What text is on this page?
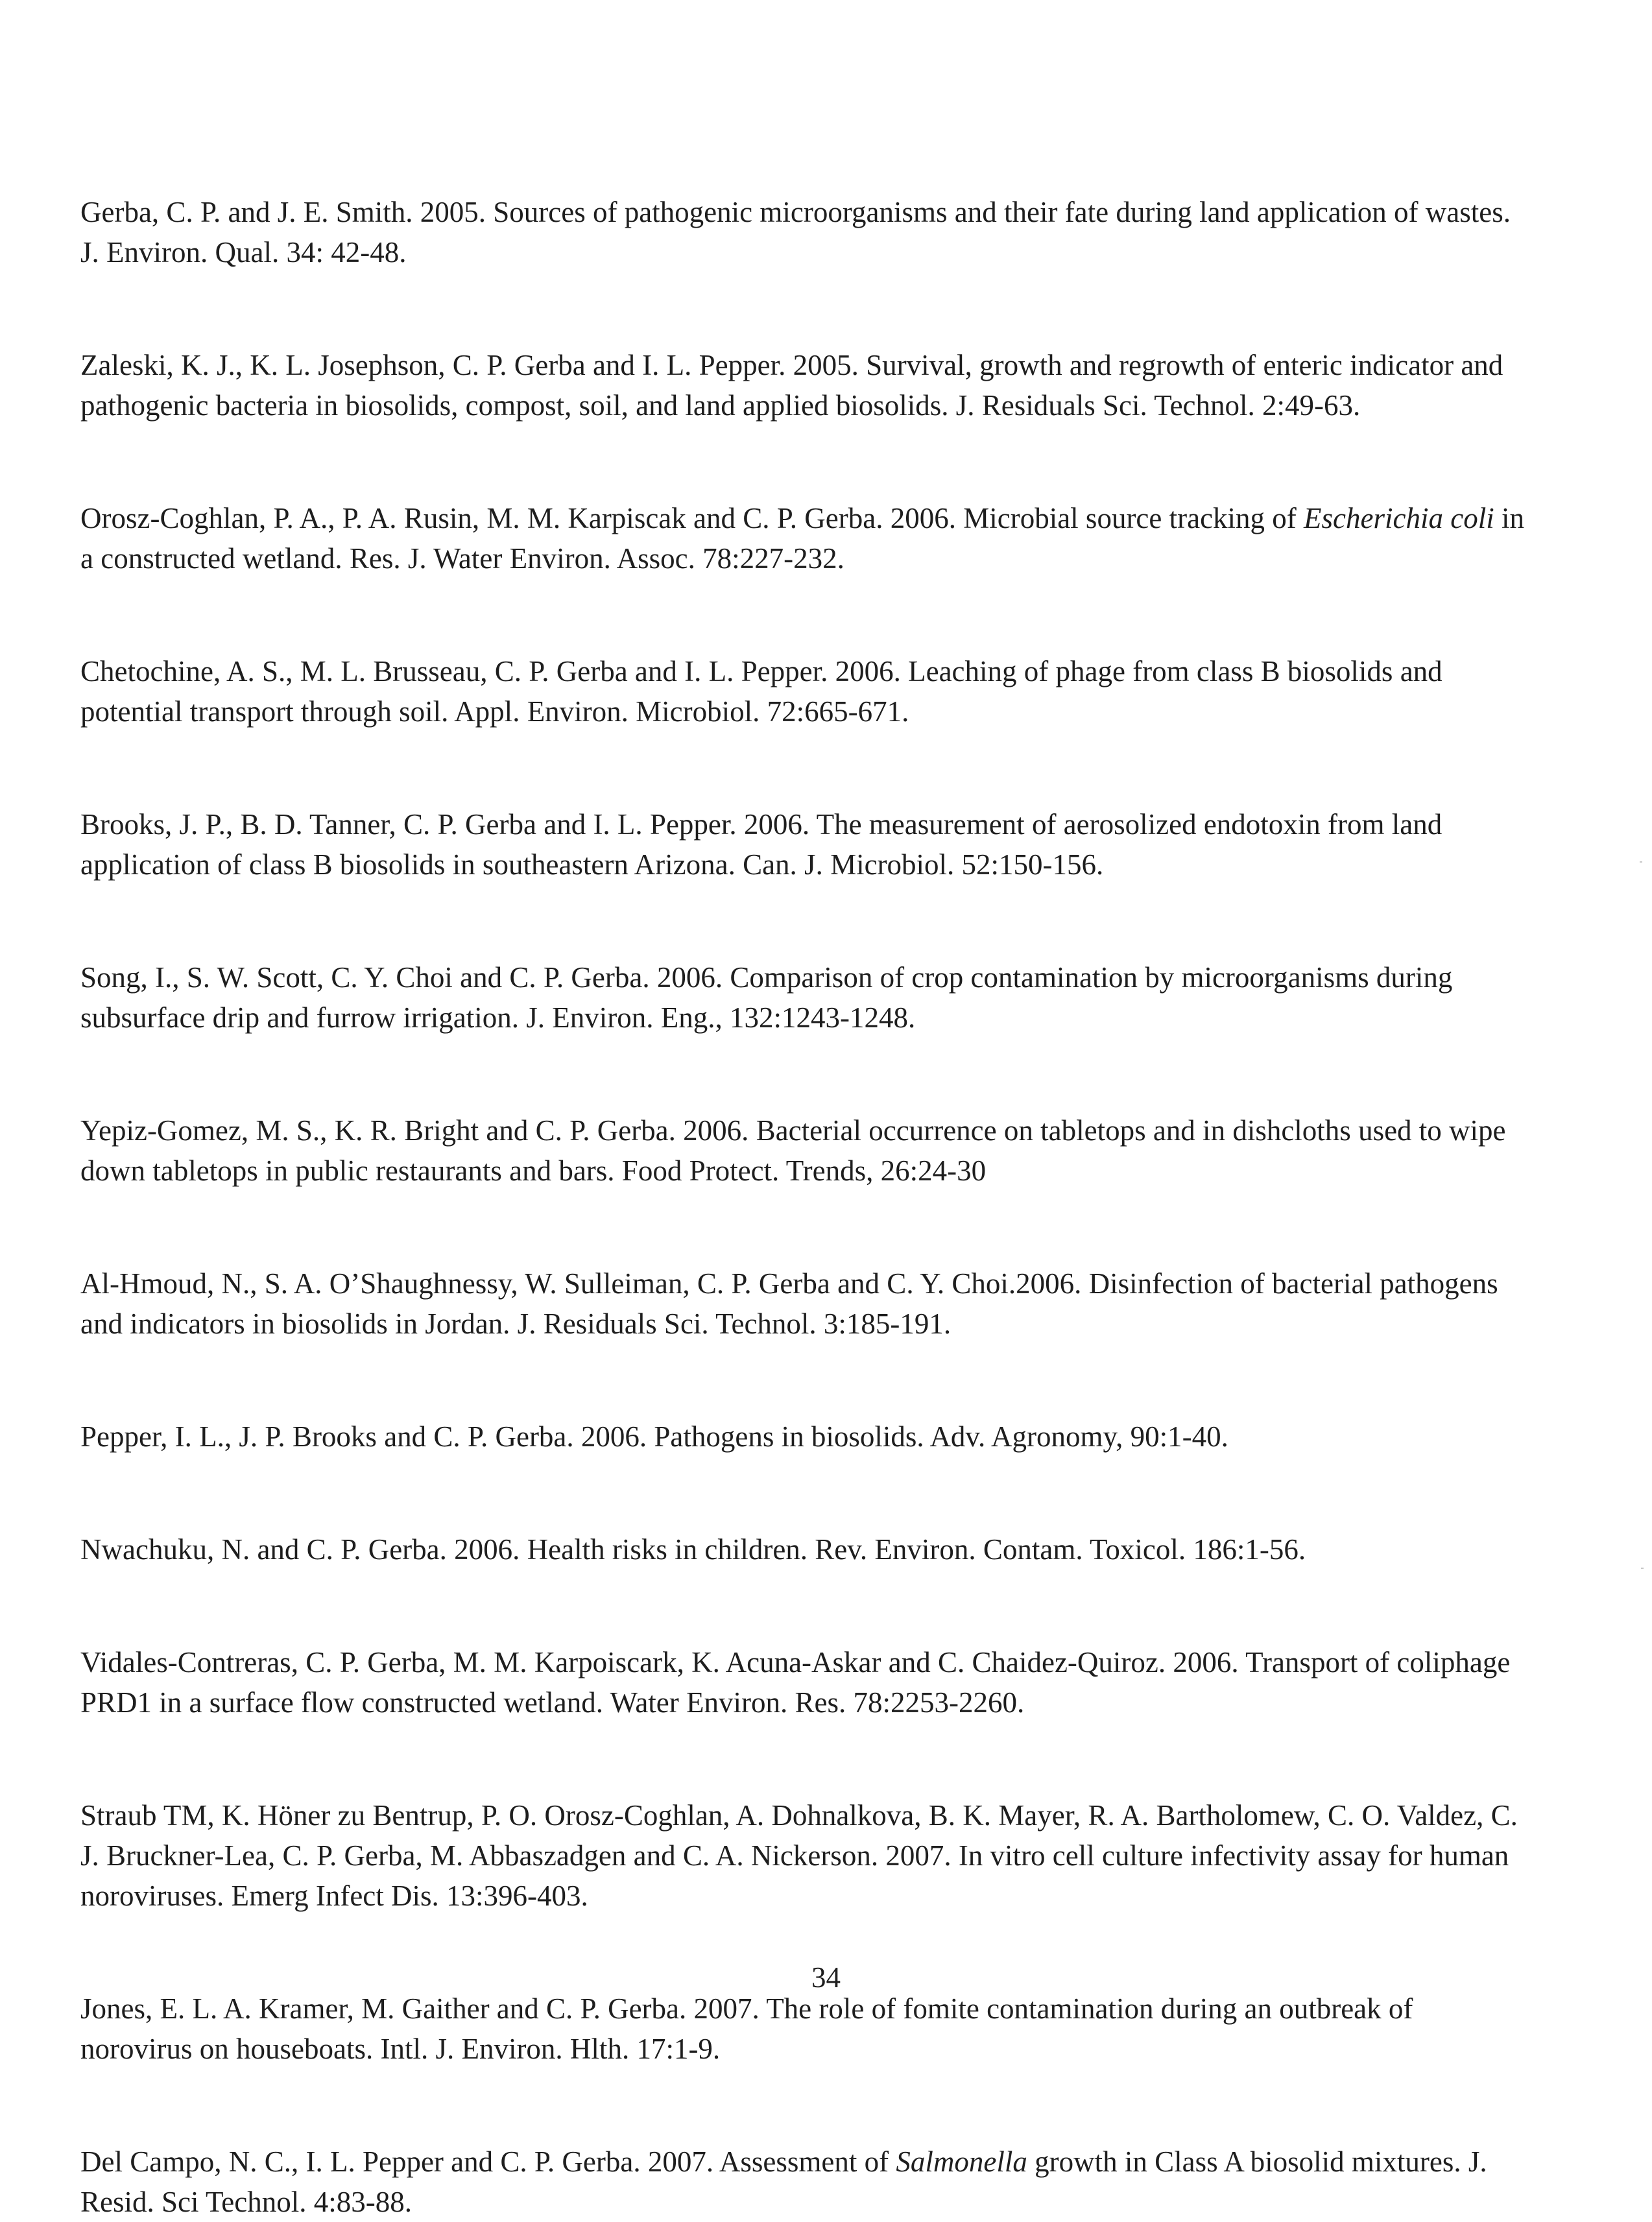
Gerba, C. P. and J. E. Smith. 2005. Sources of pathogenic microorganisms and their fate during land application of wastes. J. Environ. Qual. 34: 42-48.

Zaleski, K. J., K. L. Josephson, C. P. Gerba and I. L. Pepper. 2005. Survival, growth and regrowth of enteric indicator and pathogenic bacteria in biosolids, compost, soil, and land applied biosolids. J. Residuals Sci. Technol. 2:49-63.

Orosz-Coghlan, P. A., P. A. Rusin, M. M. Karpiscak and C. P. Gerba. 2006. Microbial source tracking of Escherichia coli in a constructed wetland. Res. J. Water Environ. Assoc. 78:227-232.

Chetochine, A. S., M. L. Brusseau, C. P. Gerba and I. L. Pepper. 2006. Leaching of phage from class B biosolids and potential transport through soil. Appl. Environ. Microbiol. 72:665-671.

Brooks, J. P., B. D. Tanner, C. P. Gerba and I. L. Pepper. 2006. The measurement of aerosolized endotoxin from land application of class B biosolids in southeastern Arizona. Can. J. Microbiol. 52:150-156.

Song, I., S. W. Scott, C. Y. Choi and C. P. Gerba. 2006. Comparison of crop contamination by microorganisms during subsurface drip and furrow irrigation. J. Environ. Eng., 132:1243-1248.

Yepiz-Gomez, M. S., K. R. Bright and C. P. Gerba. 2006. Bacterial occurrence on tabletops and in dishcloths used to wipe down tabletops in public restaurants and bars. Food Protect. Trends, 26:24-30

Al-Hmoud, N., S. A. O’Shaughnessy, W. Sulleiman, C. P. Gerba and C. Y. Choi.2006. Disinfection of bacterial pathogens and indicators in biosolids in Jordan. J. Residuals Sci. Technol. 3:185-191.

Pepper, I. L., J. P. Brooks and C. P. Gerba. 2006. Pathogens in biosolids. Adv. Agronomy, 90:1-40.

Nwachuku, N. and C. P. Gerba. 2006. Health risks in children. Rev. Environ. Contam. Toxicol. 186:1-56.

Vidales-Contreras, C. P. Gerba, M. M. Karpoiscark, K. Acuna-Askar and C. Chaidez-Quiroz. 2006. Transport of coliphage PRD1 in a surface flow constructed wetland. Water Environ. Res. 78:2253-2260.

Straub TM, K. Höner zu Bentrup, P. O. Orosz-Coghlan, A. Dohnalkova, B. K. Mayer, R. A. Bartholomew, C. O. Valdez, C. J. Bruckner-Lea, C. P. Gerba, M. Abbaszadgen and C. A. Nickerson. 2007. In vitro cell culture infectivity assay for human noroviruses. Emerg Infect Dis. 13:396-403.

Jones, E. L. A. Kramer, M. Gaither and C. P. Gerba. 2007. The role of fomite contamination during an outbreak of norovirus on houseboats. Intl. J. Environ. Hlth. 17:1-9.

Del Campo, N. C., I. L. Pepper and C. P. Gerba. 2007. Assessment of Salmonella growth in Class A biosolid mixtures. J. Resid. Sci Technol. 4:83-88.

34
